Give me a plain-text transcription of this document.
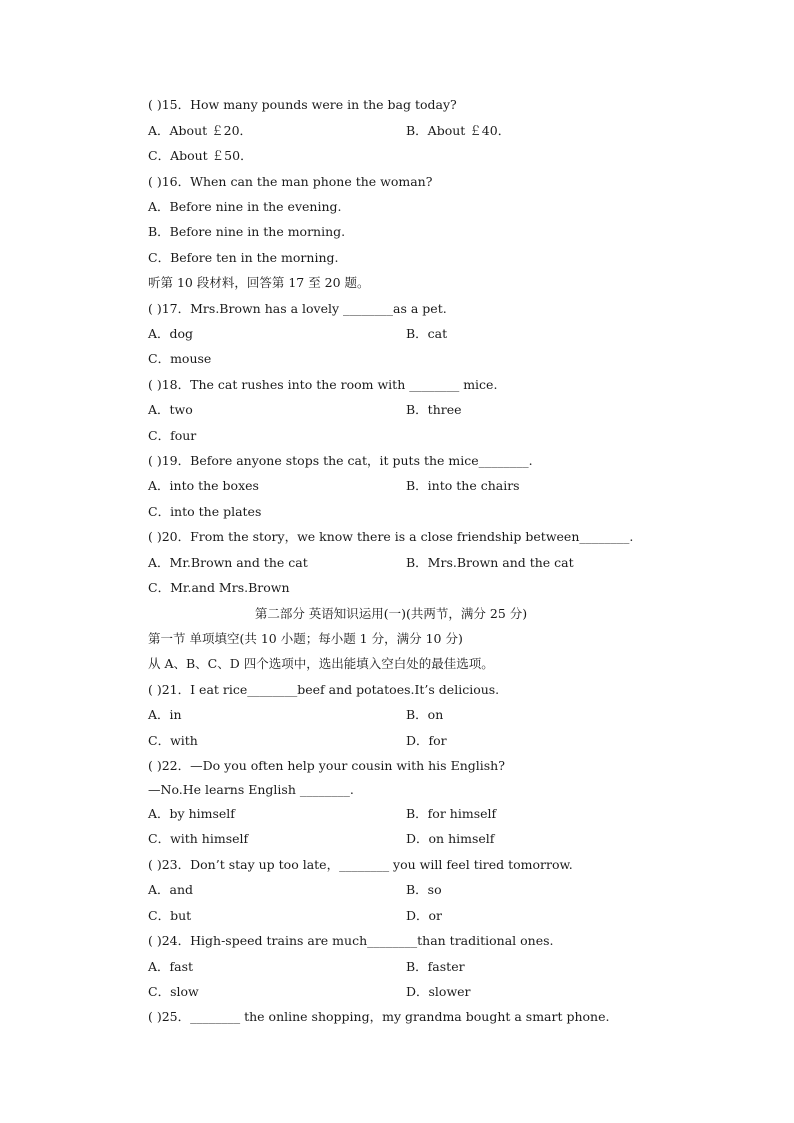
( )15．How many pounds were in the bag today?
A．About ￡20．	B．About ￡40．
C．About ￡50．
( )16．When can the man phone the woman?
A．Before nine in the evening.
B．Before nine in the morning.
C．Before ten in the morning.
听第 10 段材料，回答第 17 至 20 题。
( )17．Mrs.Brown has a lovely ________as a pet.
A．dog	B．cat
C．mouse
( )18．The cat rushes into the room with ________ mice.
A．two	B．three
C．four
( )19．Before anyone stops the cat，it puts the mice________.
A．into the boxes	B．into the chairs
C．into the plates
( )20．From the story，we know there is a close friendship between________.
A．Mr.Brown and the cat	B．Mrs.Brown and the cat
C．Mr.and Mrs.Brown
第二部分 英语知识运用(一)(共两节，满分 25 分)
第一节 单项填空(共 10 小题；每小题 1 分，满分 10 分)
从 A、B、C、D 四个选项中，选出能填入空白处的最佳选项。
( )21．I eat rice________beef and potatoes.It’s delicious.
A．in	B．on
C．with	D．for
( )22．—Do you often help your cousin with his English?
—No.He learns English ________.
A．by himself	B．for himself
C．with himself	D．on himself
( )23．Don’t stay up too late，________ you will feel tired tomorrow.
A．and	B．so
C．but	D．or
( )24．High-speed trains are much________than traditional ones.
A．fast	B．faster
C．slow	D．slower
( )25．________ the online shopping，my grandma bought a smart phone.
